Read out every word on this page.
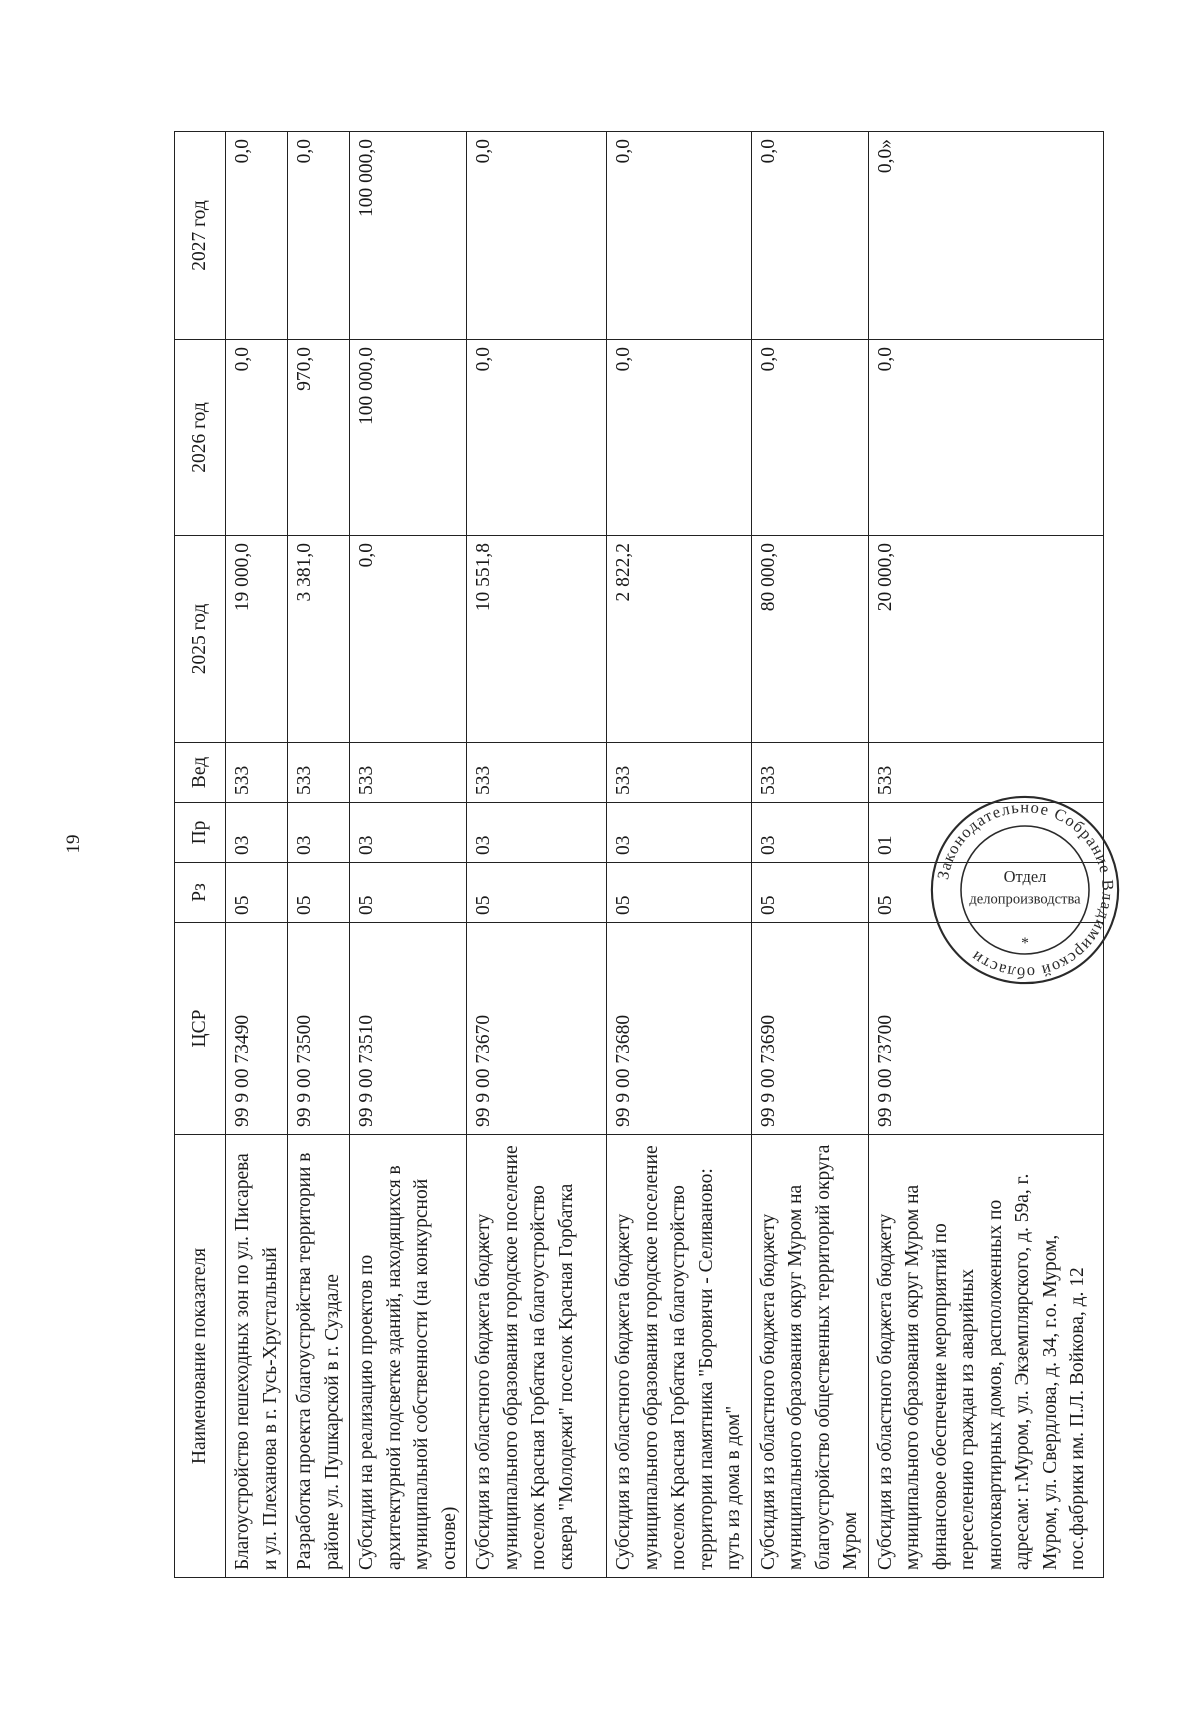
19
Наименование показателя	ЦСР	Рз	Пр	Вед	2025 год	2026 год	2027 год
Благоустройство пешеходных зон по ул. Писарева и ул. Плеханова в г. Гусь-Хрустальный	99 9 00 73490	05	03	533	19 000,0	0,0	0,0
Разработка проекта благоустройства территории в районе ул. Пушкарской в г. Суздале	99 9 00 73500	05	03	533	3 381,0	970,0	0,0
Субсидии на реализацию проектов по архитектурной подсветке зданий, находящихся в муниципальной собственности (на конкурсной основе)	99 9 00 73510	05	03	533	0,0	100 000,0	100 000,0
Субсидия из областного бюджета бюджету муниципального образования городское поселение поселок Красная Горбатка на благоустройство сквера "Молодежи" поселок Красная Горбатка	99 9 00 73670	05	03	533	10 551,8	0,0	0,0
Субсидия из областного бюджета бюджету муниципального образования городское поселение поселок Красная Горбатка на благоустройство территории памятника "Боровичи - Селиваново: путь из дома в дом"	99 9 00 73680	05	03	533	2 822,2	0,0	0,0
Субсидия из областного бюджета бюджету муниципального образования округ Муром на благоустройство общественных территорий округа Муром	99 9 00 73690	05	03	533	80 000,0	0,0	0,0
Субсидия из областного бюджета бюджету муниципального образования округ Муром на финансовое обеспечение мероприятий по переселению граждан из аварийных многоквартирных домов, расположенных по адресам: г.Муром, ул. Экземплярского, д. 59а, г. Муром, ул. Свердлова, д. 34, г.о. Муром, пос.фабрики им. П.Л. Войкова, д. 12	99 9 00 73700	05	01	533	20 000,0	0,0	0,0»
Законодательное Собрание Владимирской области
Отдел
делопроизводства
*
